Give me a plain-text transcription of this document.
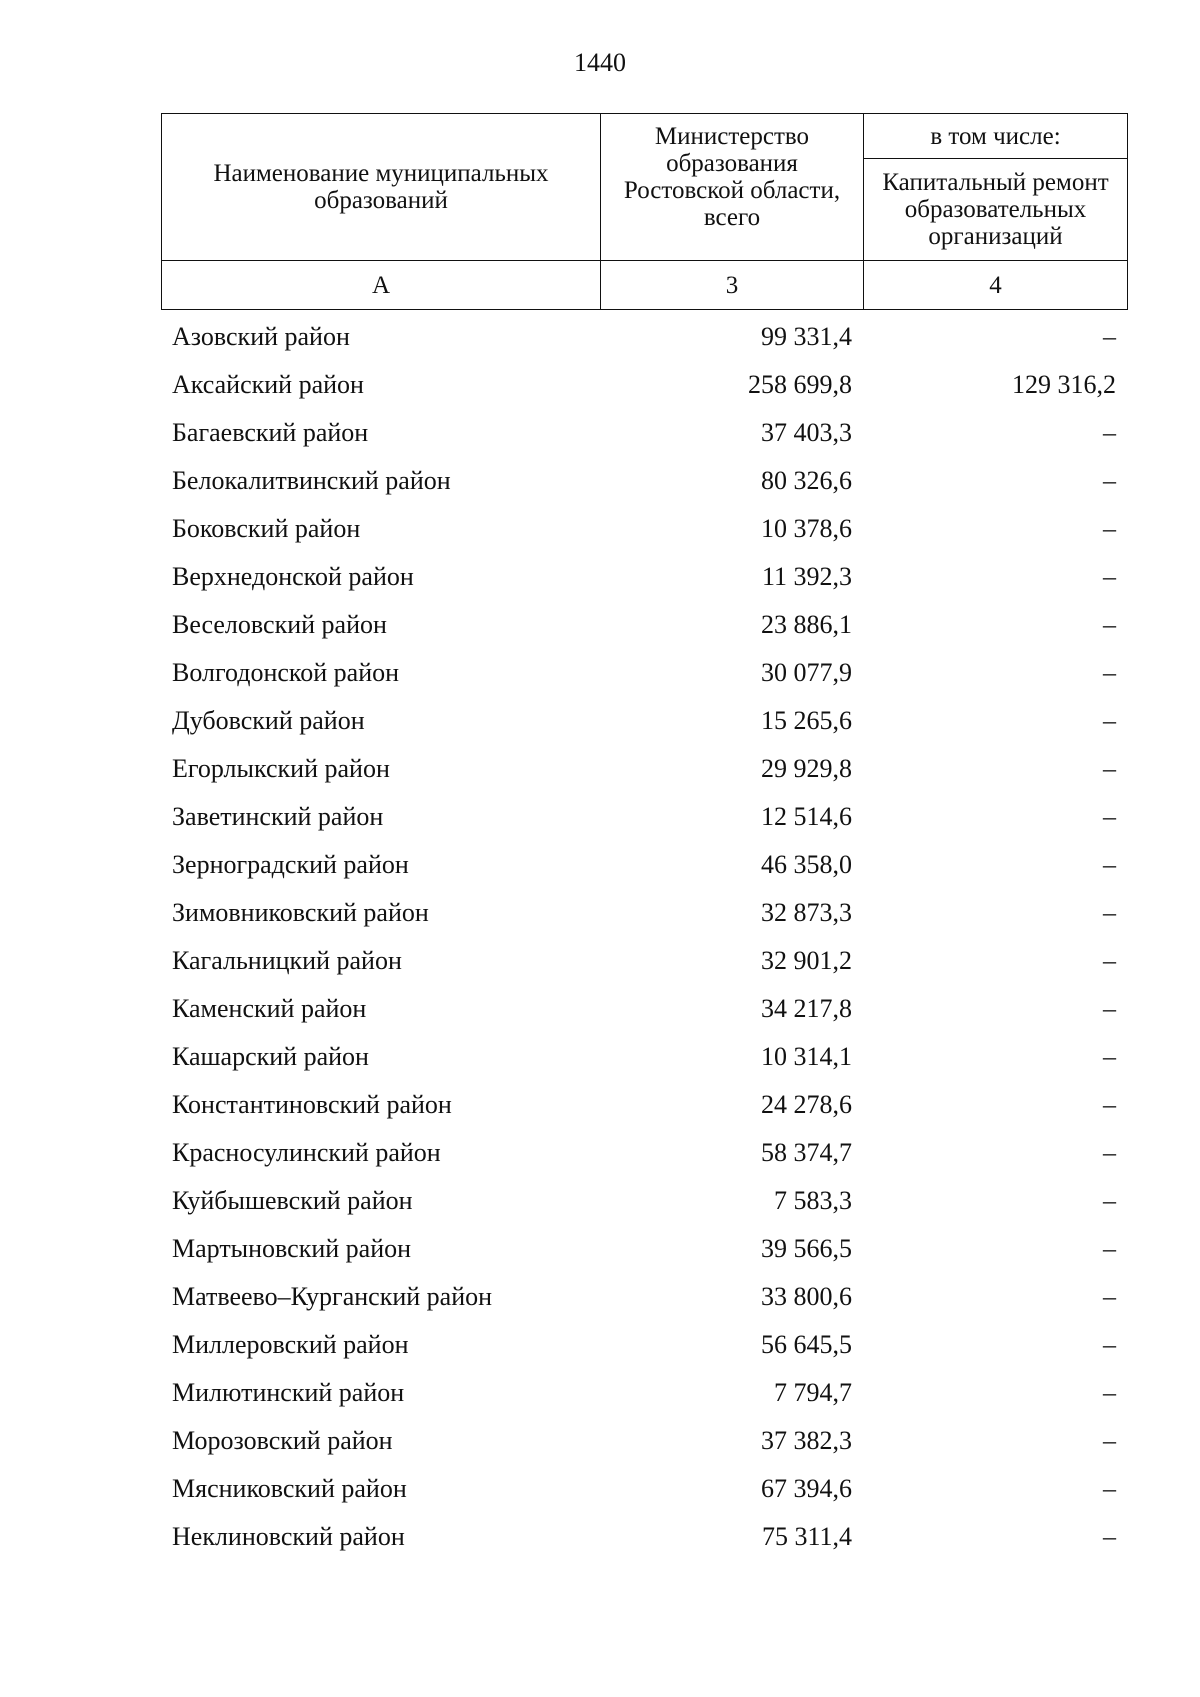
1440
Наименование муниципальных образований	Министерство образования Ростовской области, всего	в том числе:
		Капитальный ремонт образовательных организаций
А	3	4
Азовский район	99 331,4	–
Аксайский район	258 699,8	129 316,2
Багаевский район	37 403,3	–
Белокалитвинский район	80 326,6	–
Боковский район	10 378,6	–
Верхнедонской район	11 392,3	–
Веселовский район	23 886,1	–
Волгодонской район	30 077,9	–
Дубовский район	15 265,6	–
Егорлыкский район	29 929,8	–
Заветинский район	12 514,6	–
Зерноградский район	46 358,0	–
Зимовниковский район	32 873,3	–
Кагальницкий район	32 901,2	–
Каменский район	34 217,8	–
Кашарский район	10 314,1	–
Константиновский район	24 278,6	–
Красносулинский район	58 374,7	–
Куйбышевский район	7 583,3	–
Мартыновский район	39 566,5	–
Матвеево–Курганский район	33 800,6	–
Миллеровский район	56 645,5	–
Милютинский район	7 794,7	–
Морозовский район	37 382,3	–
Мясниковский район	67 394,6	–
Неклиновский район	75 311,4	–
